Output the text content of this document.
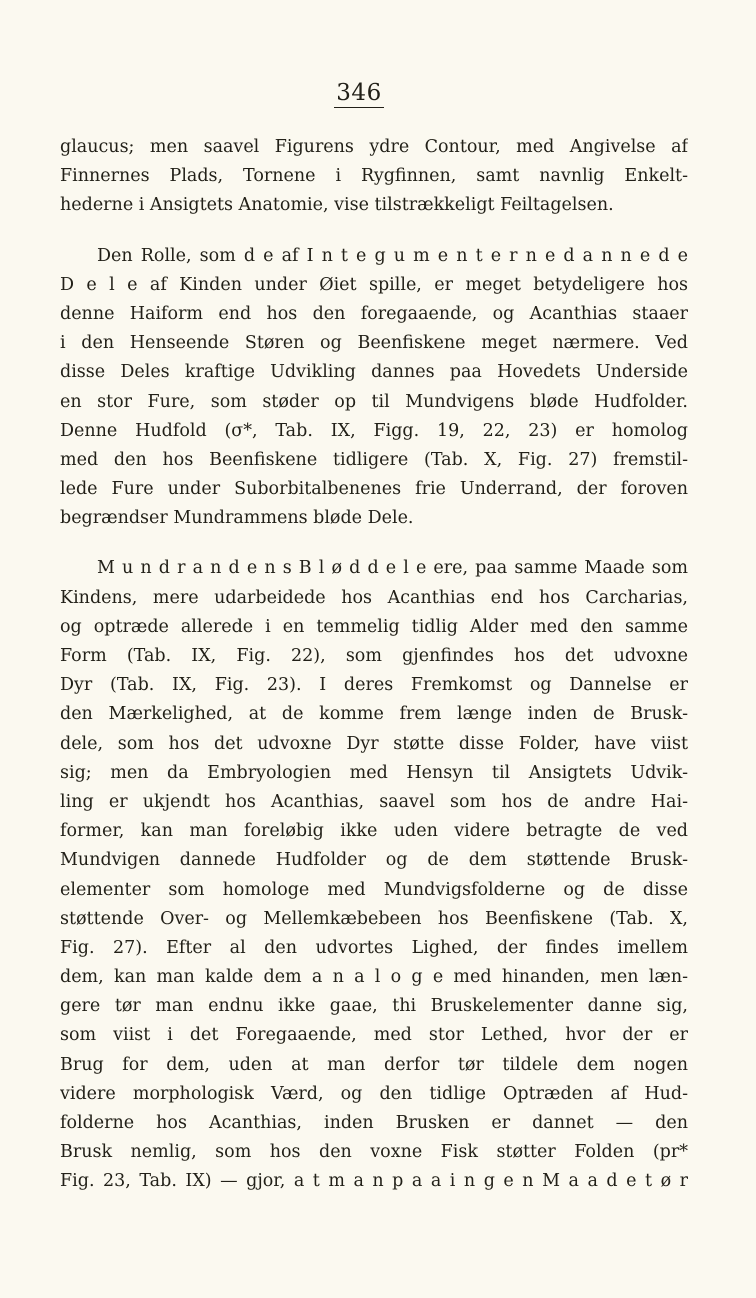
346
glaucus; men saavel Figurens ydre Contour, med Angivelse af
Finnernes Plads, Tornene i Rygfinnen, samt navnlig Enkelt-
hederne i Ansigtets Anatomie, vise tilstrækkeligt Feiltagelsen.
Den Rolle, som d e af I n t e g u m e n t e r n e d a n n e d e
D e l e af Kinden under Øiet spille, er meget betydeligere hos
denne Haiform end hos den foregaaende, og Acanthias staaer
i den Henseende Støren og Beenfiskene meget nærmere. Ved
disse Deles kraftige Udvikling dannes paa Hovedets Underside
en stor Fure, som støder op til Mundvigens bløde Hudfolder.
Denne Hudfold (σ*, Tab. IX, Figg. 19, 22, 23) er homolog
med den hos Beenfiskene tidligere (Tab. X, Fig. 27) fremstil-
lede Fure under Suborbitalbenenes frie Underrand, der foroven
begrændser Mundrammens bløde Dele.
M u n d r a n d e n s B l ø d d e l e ere, paa samme Maade som
Kindens, mere udarbeidede hos Acanthias end hos Carcharias,
og optræde allerede i en temmelig tidlig Alder med den samme
Form (Tab. IX, Fig. 22), som gjenfindes hos det udvoxne
Dyr (Tab. IX, Fig. 23). I deres Fremkomst og Dannelse er
den Mærkelighed, at de komme frem længe inden de Brusk-
dele, som hos det udvoxne Dyr støtte disse Folder, have viist
sig; men da Embryologien med Hensyn til Ansigtets Udvik-
ling er ukjendt hos Acanthias, saavel som hos de andre Hai-
former, kan man foreløbig ikke uden videre betragte de ved
Mundvigen dannede Hudfolder og de dem støttende Brusk-
elementer som homologe med Mundvigsfolderne og de disse
støttende Over- og Mellemkæbebeen hos Beenfiskene (Tab. X,
Fig. 27). Efter al den udvortes Lighed, der findes imellem
dem, kan man kalde dem a n a l o g e med hinanden, men læn-
gere tør man endnu ikke gaae, thi Bruskelementer danne sig,
som viist i det Foregaaende, med stor Lethed, hvor der er
Brug for dem, uden at man derfor tør tildele dem nogen
videre morphologisk Værd, og den tidlige Optræden af Hud-
folderne hos Acanthias, inden Brusken er dannet — den
Brusk nemlig, som hos den voxne Fisk støtter Folden (pr*
Fig. 23, Tab. IX) — gjor, a t m a n p a a i n g e n M a a d e t ø r
